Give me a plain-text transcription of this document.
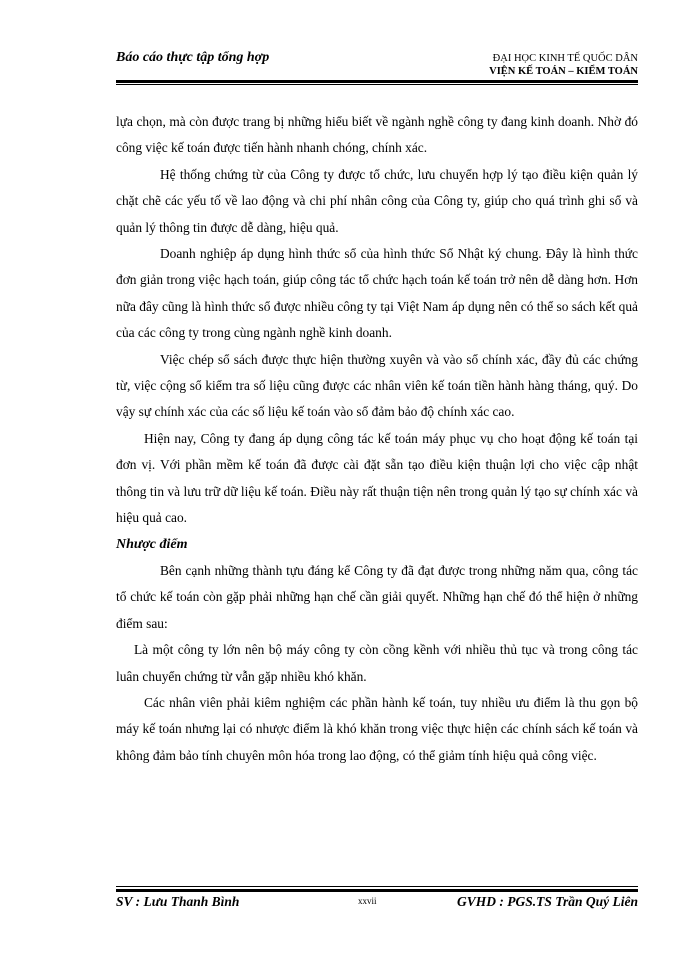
Báo cáo thực tập tổng hợp	ĐẠI HỌC KINH TẾ QUỐC DÂN
VIỆN KẾ TOÁN – KIỂM TOÁN

lựa chọn, mà còn được trang bị những hiểu biết về ngành nghề công ty đang kinh doanh. Nhờ đó công việc kế toán được tiến hành nhanh chóng, chính xác.

Hệ thống chứng từ của Công ty được tổ chức, lưu chuyển hợp lý tạo điều kiện quản lý chặt chẽ các yếu tố về lao động và chi phí nhân công của Công ty, giúp cho quá trình ghi sổ và quản lý thông tin được dễ dàng, hiệu quả.

Doanh nghiệp áp dụng hình thức sổ của hình thức Sổ Nhật ký chung. Đây là hình thức đơn giản trong việc hạch toán, giúp công tác tổ chức hạch toán kế toán trở nên dễ dàng hơn. Hơn nữa đây cũng là hình thức sổ được nhiều công ty tại Việt Nam áp dụng nên có thể so sách kết quả của các công ty trong cùng ngành nghề kinh doanh.

Việc chép sổ sách được thực hiện thường xuyên và vào sổ chính xác, đầy đủ các chứng từ, việc cộng sổ kiểm tra số liệu cũng được các nhân viên kế toán tiền hành hàng tháng, quý. Do vậy sự chính xác của các số liệu kế toán vào sổ đảm bảo độ chính xác cao.

Hiện nay, Công ty đang áp dụng công tác kế toán máy phục vụ cho hoạt động kế toán tại đơn vị. Với phần mềm kế toán đã được cài đặt sẵn tạo điều kiện thuận lợi cho việc cập nhật thông tin và lưu trữ dữ liệu kế toán. Điều này rất thuận tiện nên trong quản lý tạo sự chính xác và hiệu quả cao.

Nhược điểm

Bên cạnh những thành tựu đáng kể Công ty đã đạt được trong những năm qua, công tác tổ chức kế toán còn gặp phải những hạn chế cần giải quyết. Những hạn chế đó thể hiện ở những điểm sau:

Là một công ty lớn nên bộ máy công ty còn cồng kềnh với nhiều thủ tục và trong công tác luân chuyển chứng từ vẫn gặp nhiều khó khăn.

Các nhân viên phải kiêm nghiệm các phần hành kế toán, tuy nhiều ưu điểm là thu gọn bộ máy kế toán nhưng lại có nhược điểm là khó khăn trong việc thực hiện các chính sách kế toán và không đảm bảo tính chuyên môn hóa trong lao động, có thể giảm tính hiệu quả công việc.

SV : Lưu Thanh Bình	xxvii	GVHD : PGS.TS Trần Quý Liên
